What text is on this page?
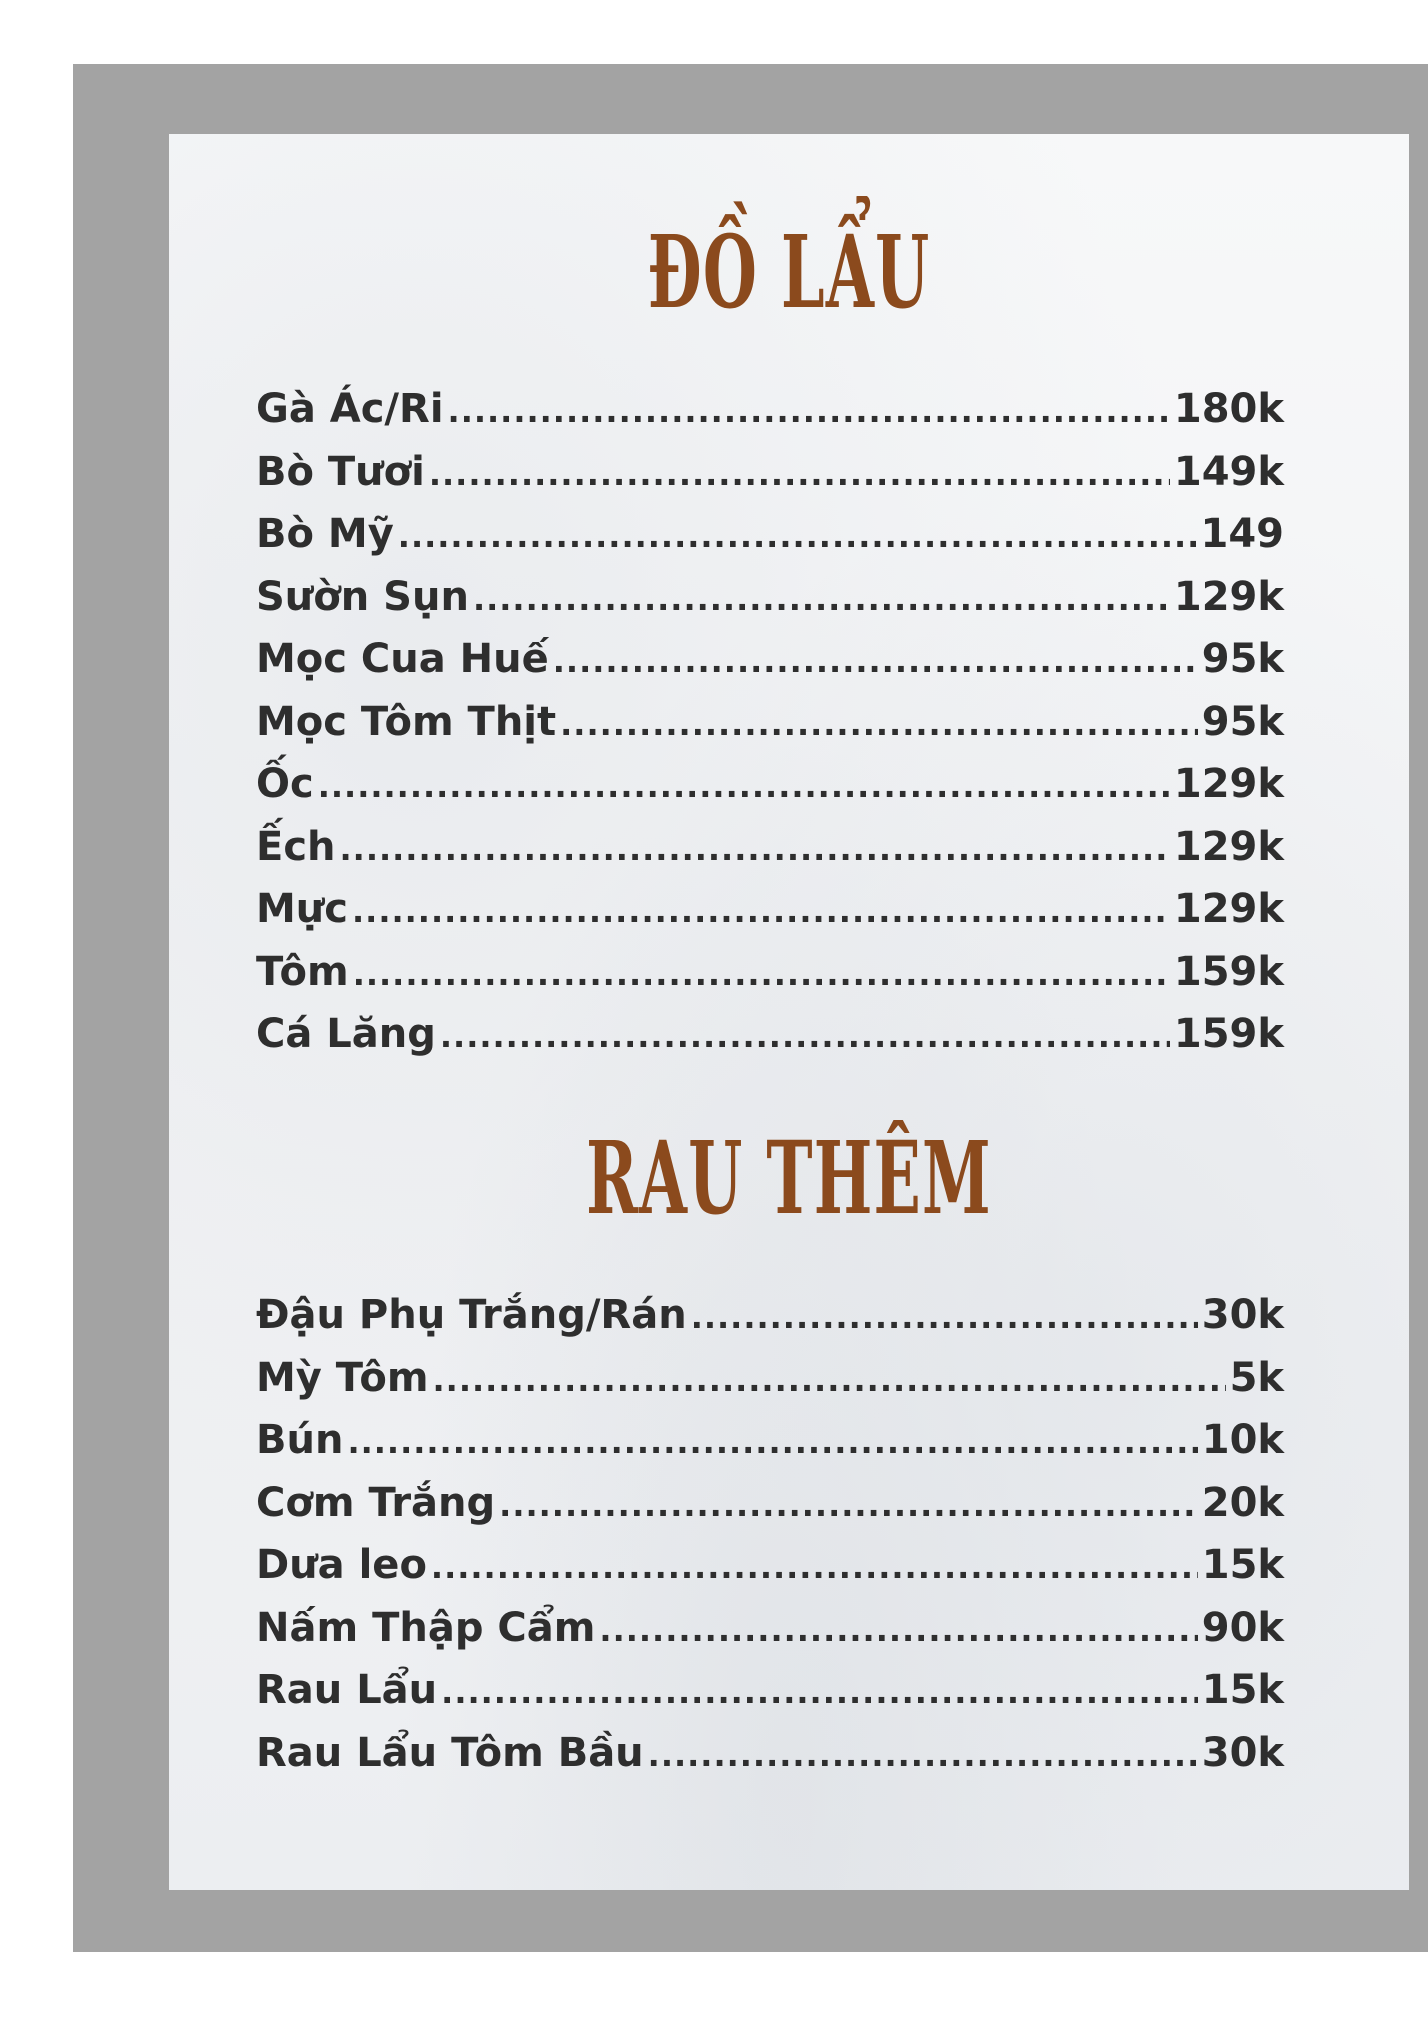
ĐỒ LẨU
Gà Ác/Ri .....	180k
Bò Tươi .....	149k
Bò Mỹ .....	149
Sườn Sụn .....	129k
Mọc Cua Huế .....	95k
Mọc Tôm Thịt .....	95k
Ốc .....	129k
Ếch .....	129k
Mực .....	129k
Tôm .....	159k
Cá Lăng .....	159k
RAU THÊM
Đậu Phụ Trắng/Rán .....	30k
Mỳ Tôm .....	5k
Bún .....	10k
Cơm Trắng .....	20k
Dưa leo .....	15k
Nấm Thập Cẩm .....	90k
Rau Lẩu .....	15k
Rau Lẩu Tôm Bầu .....	30k
